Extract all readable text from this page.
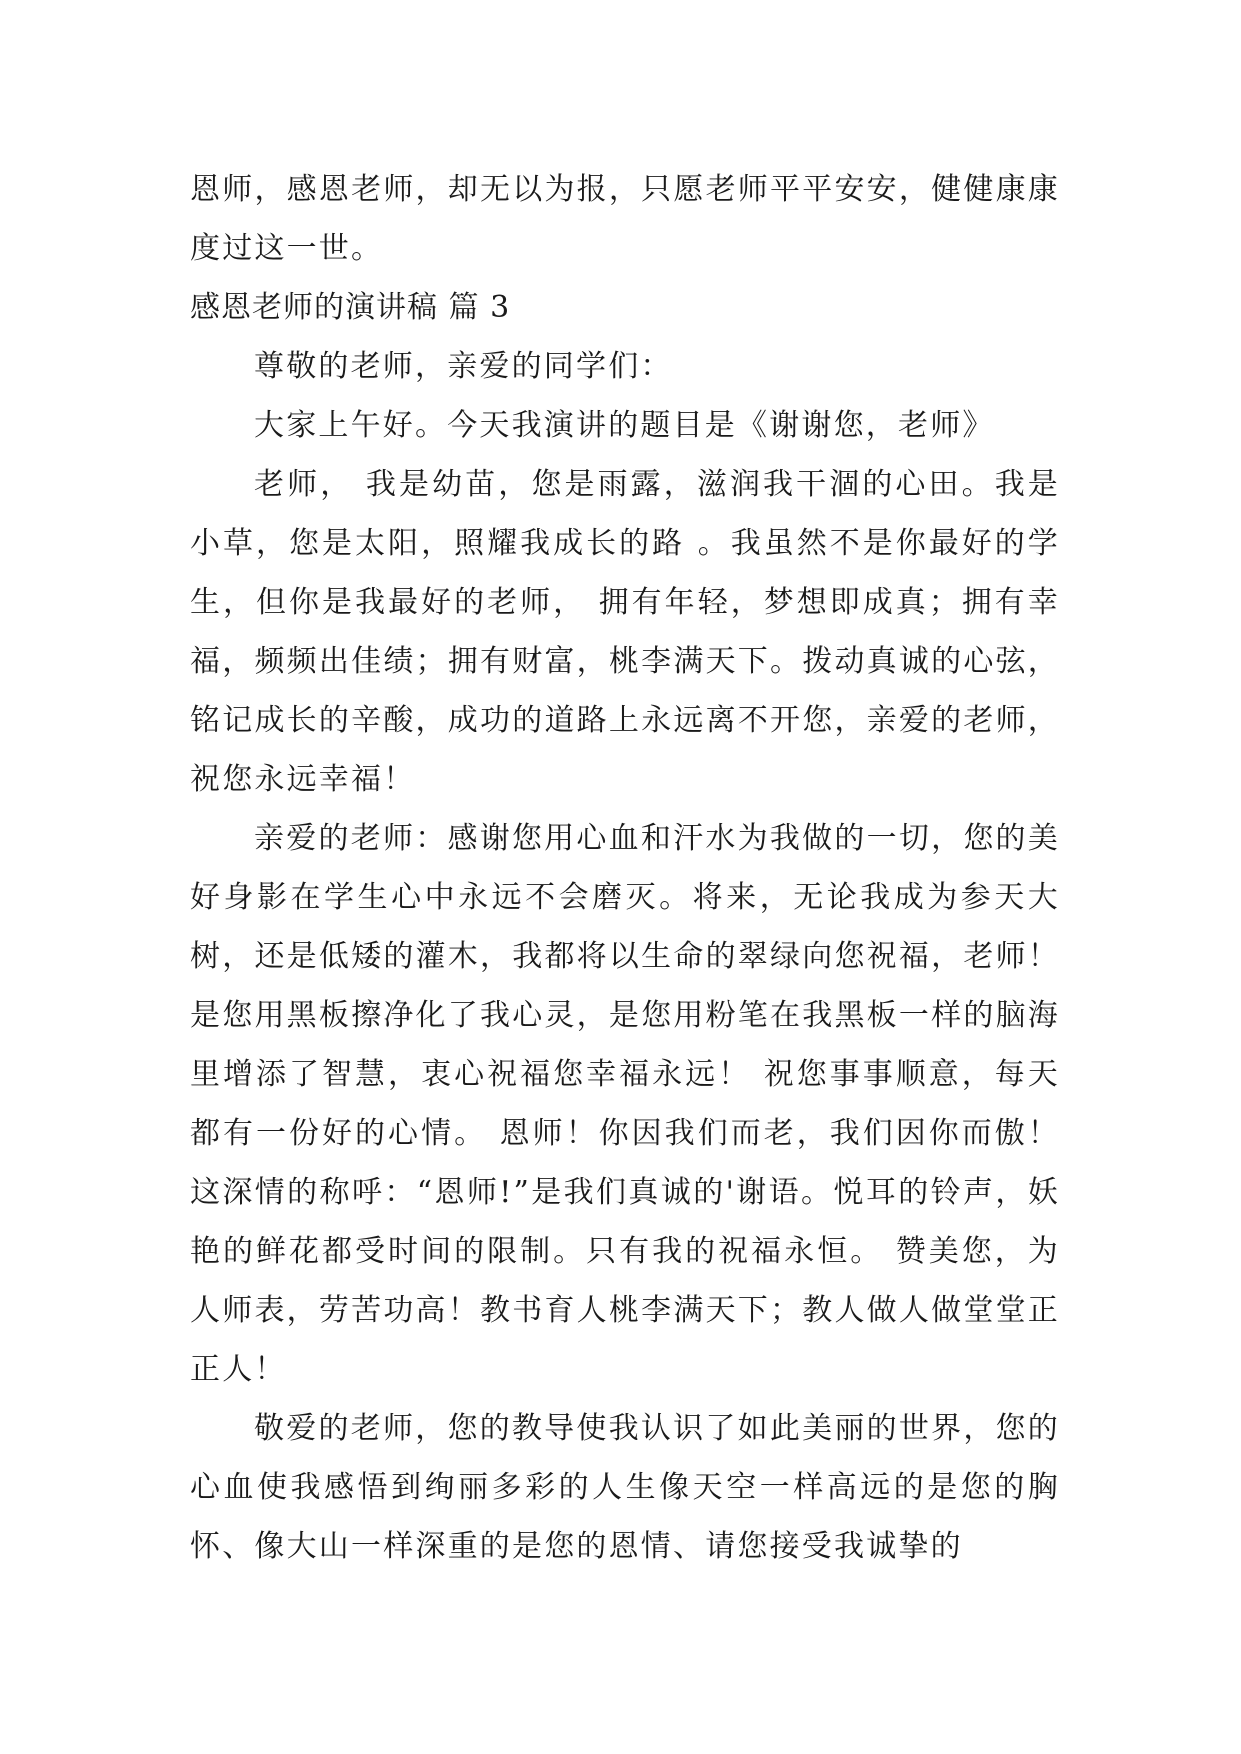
恩师，感恩老师，却无以为报，只愿老师平平安安，健健康康度过这一世。

感恩老师的演讲稿 篇 3

尊敬的老师，亲爱的同学们：

大家上午好。今天我演讲的题目是《谢谢您，老师》

老师， 我是幼苗，您是雨露，滋润我干涸的心田。我是小草，您是太阳，照耀我成长的路 。我虽然不是你最好的学生，但你是我最好的老师， 拥有年轻，梦想即成真；拥有幸福，频频出佳绩；拥有财富，桃李满天下。拨动真诚的心弦，铭记成长的辛酸，成功的道路上永远离不开您，亲爱的老师，祝您永远幸福！

亲爱的老师：感谢您用心血和汗水为我做的一切，您的美好身影在学生心中永远不会磨灭。将来，无论我成为参天大树，还是低矮的灌木，我都将以生命的翠绿向您祝福，老师！是您用黑板擦净化了我心灵，是您用粉笔在我黑板一样的脑海里增添了智慧，衷心祝福您幸福永远！ 祝您事事顺意，每天都有一份好的心情。 恩师！你因我们而老，我们因你而傲！这深情的称呼：“恩师!”是我们真诚的'谢语。悦耳的铃声，妖艳的鲜花都受时间的限制。只有我的祝福永恒。 赞美您，为人师表，劳苦功高！教书育人桃李满天下；教人做人做堂堂正正人！

敬爱的老师，您的教导使我认识了如此美丽的世界，您的心血使我感悟到绚丽多彩的人生像天空一样高远的是您的胸怀、像大山一样深重的是您的恩情、请您接受我诚挚的
